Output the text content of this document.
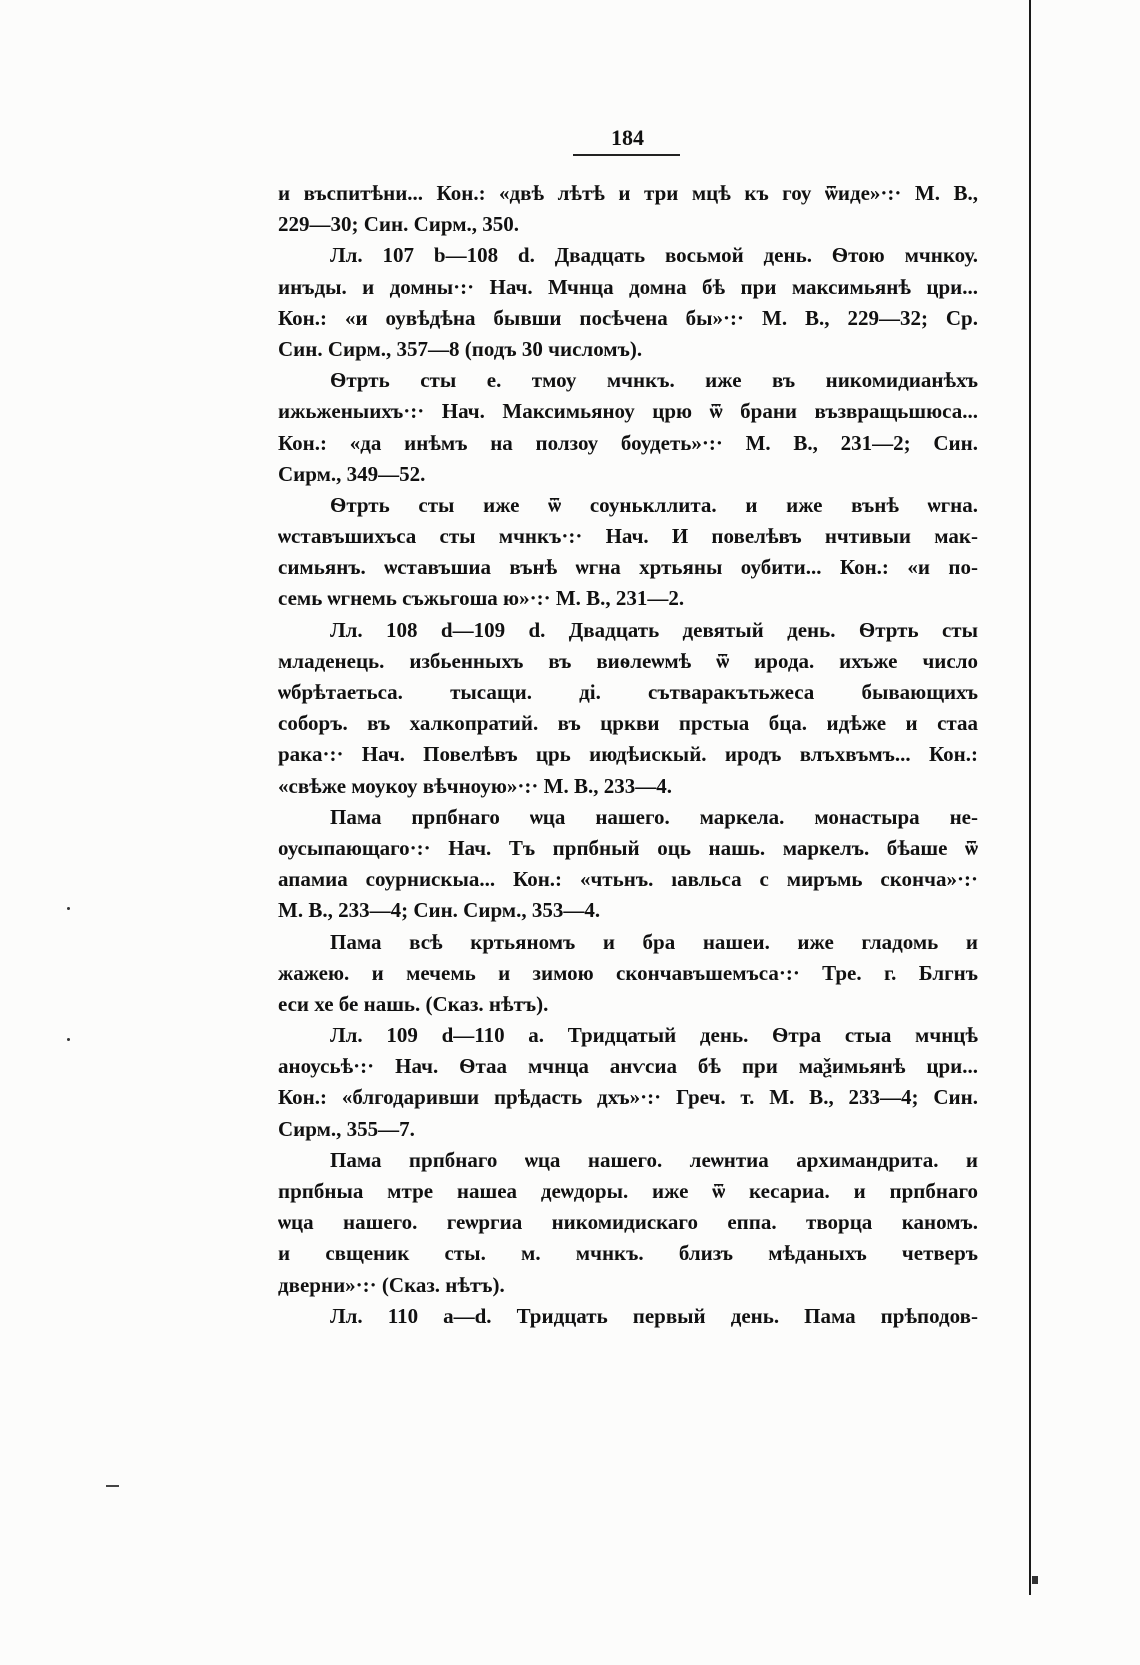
184
и въспитѣни... Кон.: «двѣ лѣтѣ и три мцѣ къ гоу ѿиде»·:· М. В.,
229—30; Син. Сирм., 350.
Лл. 107 b—108 d. Двадцать восьмой день. Ѳтою мчнкоу.
инъды. и домны·:· Нач. Мчнца домна бѣ при максимьянѣ цри...
Кон.: «и оувѣдѣна бывши посѣчена бы»·:· М. В., 229—32; Ср.
Син. Сирм., 357—8 (подъ 30 числомъ).
Ѳтрть сты е. тмоу мчнкъ. иже въ никомидианѣхъ
ижьженыихъ·:· Нач. Максимьяноу црю ѿ брани възвращьшюса...
Кон.: «да инѣмъ на ползоу боудеть»·:· М. В., 231—2; Син.
Сирм., 349—52.
Ѳтрть сты иже ѿ соунькллита. и иже вънѣ ѡгна.
ѡставъшихъса сты мчнкъ·:· Нач. И повелѣвъ нчтивыи мак-
симьянъ. ѡставъшиа вънѣ ѡгна хртьяны оубити... Кон.: «и по-
семь ѡгнемь съжьгоша ю»·:· М. В., 231—2.
Лл. 108 d—109 d. Двадцать девятый день. Ѳтрть сты
младенець. избьенныхъ въ виѳлеѡмѣ ѿ ирода. ихъже число
ѡбрѣтаетьса. тысащи. ді. сътваракътьжеса бывающихъ
соборъ. въ халкопратий. въ цркви прстыа бца. идѣже и стаа
рака·:· Нач. Повелѣвъ црь июдѣискый. иродъ влъхвъмъ... Кон.:
«свѣже моукоу вѣчноую»·:· М. В., 233—4.
Пама прпбнаго ѡца нашего. маркела. монастыра не-
оусыпающаго·:· Нач. Тъ прпбный оць нашь. маркелъ. бѣаше ѿ
апамиа соурнискыа... Кон.: «чтьнъ. ıавльса с миръмь сконча»·:·
М. В., 233—4; Син. Сирм., 353—4.
Пама всѣ кртьяномъ и бра нашеи. иже гладомь и
жажею. и мечемь и зимою скончавъшемъса·:· Тре. г. Блгнъ
еси хе бе нашь. (Сказ. нѣтъ).
Лл. 109 d—110 a. Тридцатый день. Ѳтра стыа мчнцѣ
аноусьѣ·:· Нач. Ѳтаа мчнца анѵсиа бѣ при маѯимьянѣ цри...
Кон.: «блгодаривши прѣдасть дхъ»·:· Греч. т. М. В., 233—4; Син.
Сирм., 355—7.
Пама прпбнаго ѡца нашего. леѡнтиа архимандрита. и
прпбныа мтре нашеа деѡдоры. иже ѿ кесариа. и прпбнаго
ѡца нашего. геѡргиа никомидискаго еппа. творца каномъ.
и свщеник сты. м. мчнкъ. близъ мѣданыхъ четверъ
дверни»·:· (Сказ. нѣтъ).
Лл. 110 a—d. Тридцать первый день. Пама прѣподов-
